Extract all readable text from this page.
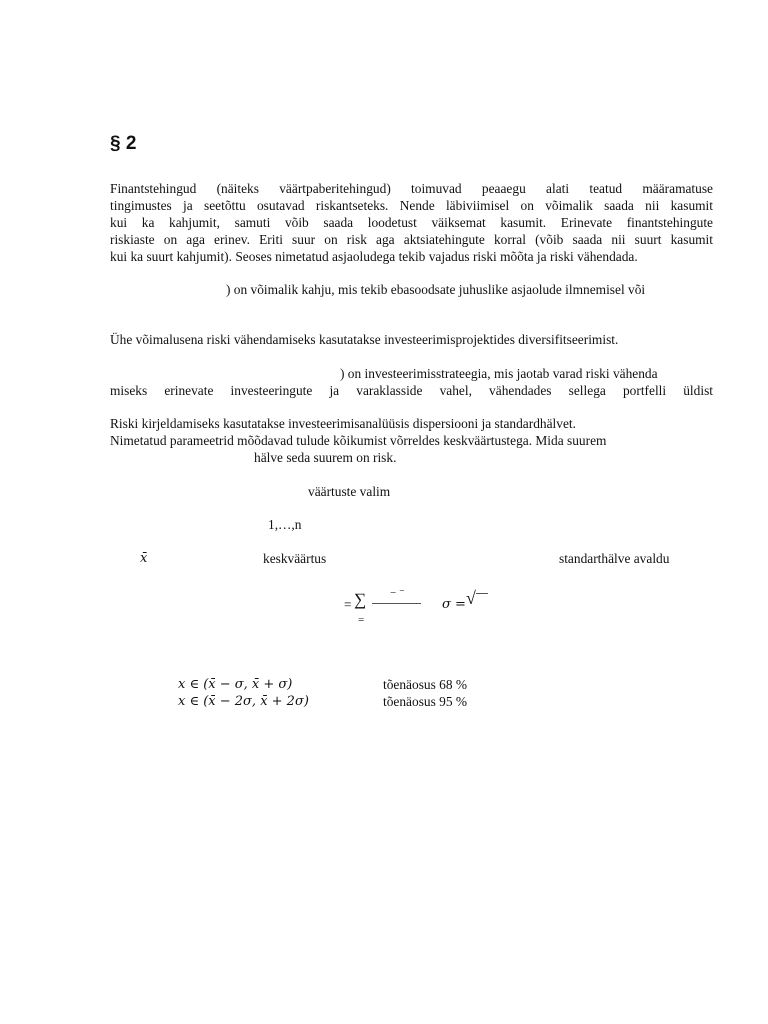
§ 2
Finantstehingud (näiteks väärtpaberitehingud) toimuvad peaaegu alati teatud määramatuse
tingimustes ja seetõttu osutavad riskantseteks. Nende läbiviimisel on võimalik saada nii kasumit
kui ka kahjumit, samuti võib saada loodetust väiksemat kasumit. Erinevate finantstehingute
riskiaste on aga erinev. Eriti suur on risk aga aktsiatehingute korral (võib saada nii suurt kasumit
kui ka suurt kahjumit). Seoses nimetatud asjaoludega tekib vajadus riski mõõta ja riski vähendada.
) on võimalik kahju, mis tekib ebasoodsate juhuslike asjaolude ilmnemisel või
Ühe võimalusena riski vähendamiseks kasutatakse investeerimisprojektides diversifitseerimist.
) on investeerimisstrateegia, mis jaotab varad riski vähenda
miseks erinevate investeeringute ja varaklasside vahel, vähendades sellega portfelli üldist
Riski kirjeldamiseks kasutatakse investeerimisanalüüsis dispersiooni ja standardhälvet.
Nimetatud parameetrid mõõdavad tulude kõikumist võrreldes keskväärtustega. Mida suurem
hälve seda suurem on risk.
väärtuste valim
1,…,n
x̄	keskväärtus	standarthälve avaldu
= ∑
=
− ⁻
σ = √
x ∈ (x̄ − σ, x̄ + σ)	tõenäosus 68 %
x ∈ (x̄ − 2σ, x̄ + 2σ)	tõenäosus 95 %
